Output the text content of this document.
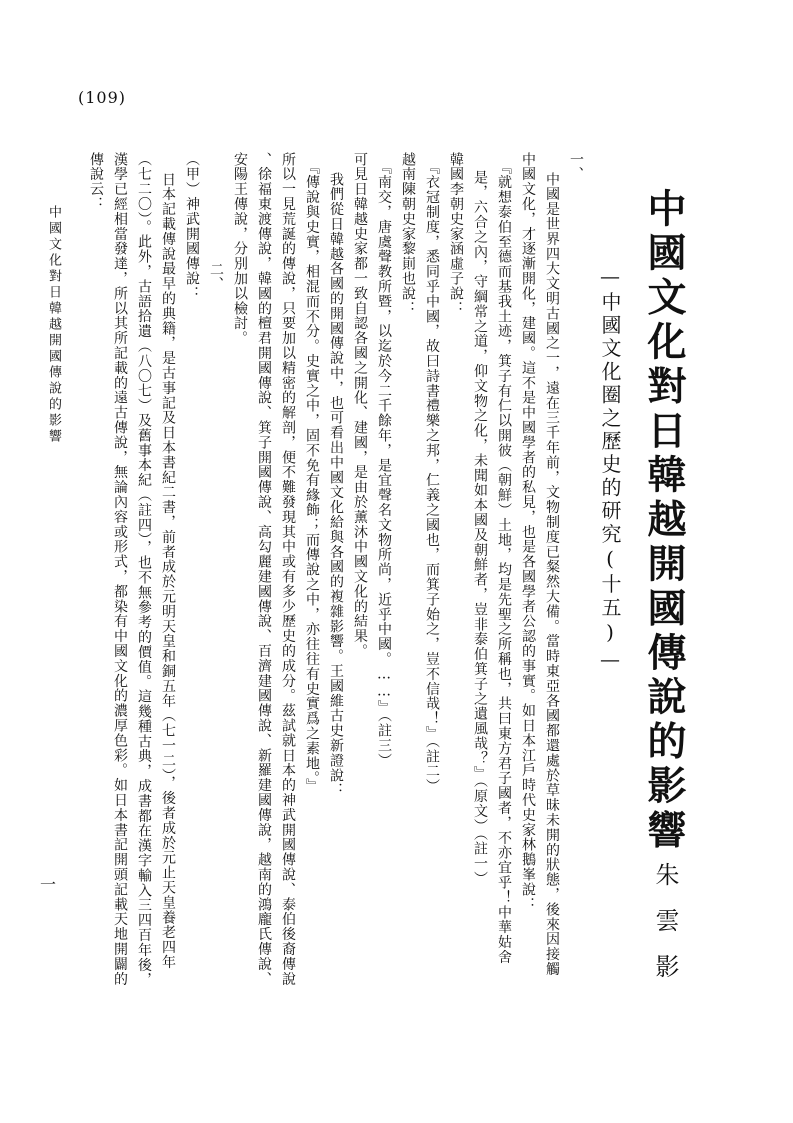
(109)
中國文化對日韓越開國傳說的影響
—中國文化圈之歷史的研究(十五)—
朱雲影
一、
中國是世界四大文明古國之一，遠在三千年前，文物制度已粲然大備。當時東亞各國都還處於草昧未開的狀態，後來因接觸
中國文化，才逐漸開化，建國。這不是中國學者的私見，也是各國學者公認的事實。如日本江戶時代史家林鵝峯說：
『就想泰伯至德而基我土迹，箕子有仁以開彼（朝鮮）土地，均是先聖之所稱也，共曰東方君子國者，不亦宜乎！中華姑舍
是，六合之內，守綱常之道，仰文物之化，未聞如本國及朝鮮者，豈非泰伯箕子之遺風哉？』（原文）（註一）
韓國李朝史家涵虛子說：
『衣冠制度，悉同乎中國，故曰詩書禮樂之邦，仁義之國也，而箕子始之，豈不信哉！』（註二）
越南陳朝史家黎崱也說：
『南交，唐虞聲教所暨，以迄於今二千餘年，是宜聲名文物所尚，近乎中國。……』（註三）
可見日韓越史家都一致自認各國之開化、建國，是由於薰沐中國文化的結果。
我們從日韓越各國的開國傳說中，也可看出中國文化給與各國的複雜影響。王國維古史新證說：
『傳說與史實，相混而不分。史實之中，固不免有緣飾；而傳說之中，亦往往有史實爲之素地。』
所以一見荒誕的傳說，只要加以精密的解剖，便不難發現其中或有多少歷史的成分。茲試就日本的神武開國傳說、泰伯後裔傳說
、徐福東渡傳說，韓國的檀君開國傳說、箕子開國傳說、高勾麗建國傳說、百濟建國傳說、新羅建國傳說，越南的鴻龐氏傳說、
安陽王傳說，分別加以檢討。
二、
（甲）神武開國傳說：
日本記載傳說最早的典籍，是古事記及日本書紀二書，前者成於元明天皇和銅五年（七一二），後者成於元止天皇養老四年
（七二〇）。此外，古語拾遺（八〇七）及舊事本紀（註四），也不無參考的價值。這幾種古典，成書都在漢字輸入三四百年後，
漢學已經相當發達，所以其所記載的遠古傳說，無論內容或形式，都染有中國文化的濃厚色彩。如日本書記開頭記載天地開闢的
傳說云：
中國文化對日韓越開國傳說的影響
一
